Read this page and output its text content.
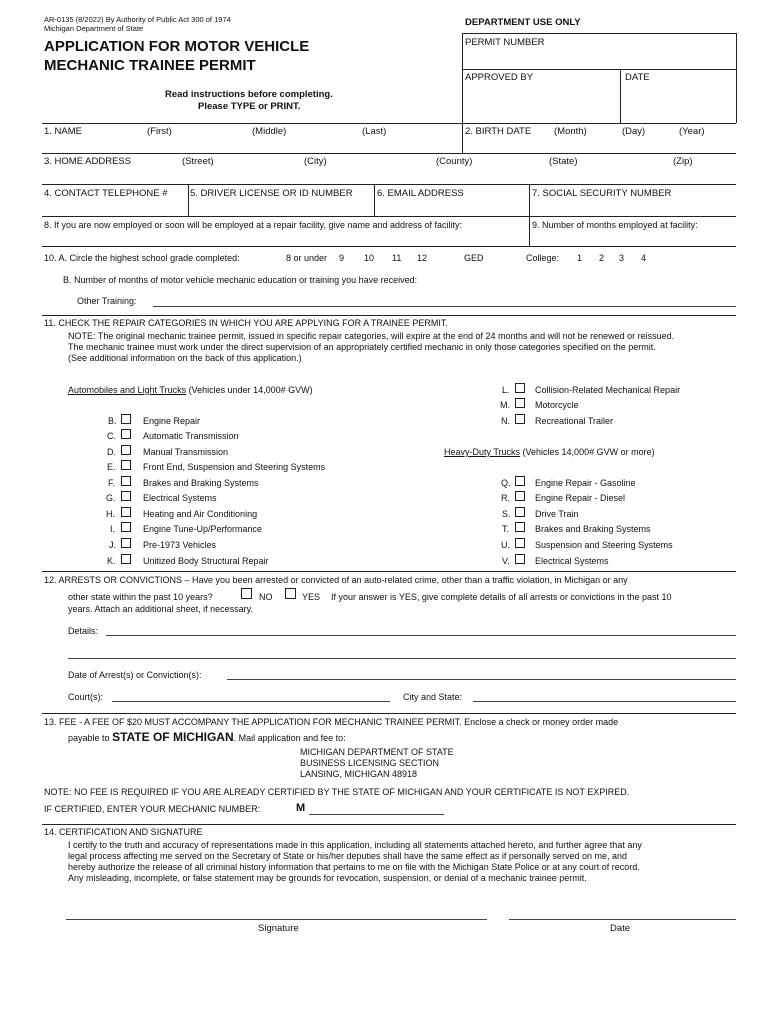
AR-0135 (8/2022) By Authority of Public Act 300 of 1974
Michigan Department of State
APPLICATION FOR MOTOR VEHICLE
MECHANIC TRAINEE PERMIT
Read instructions before completing.
Please TYPE or PRINT.
DEPARTMENT USE ONLY
PERMIT NUMBER
APPROVED BY	DATE
1. NAME	(First)	(Middle)	(Last)	2. BIRTH DATE (Month)	(Day)	(Year)
3. HOME ADDRESS	(Street)	(City)	(County)	(State)	(Zip)
4. CONTACT TELEPHONE # 5. DRIVER LICENSE OR ID NUMBER	6. EMAIL ADDRESS	7. SOCIAL SECURITY NUMBER
8. If you are now employed or soon will be employed at a repair facility, give name and address of facility:	9. Number of months employed at facility:
10. A. Circle the highest school grade completed:	8 or under 9 10 11 12	GED	College: 1 2 3 4
B. Number of months of motor vehicle mechanic education or training you have received:
Other Training:
11. CHECK THE REPAIR CATEGORIES IN WHICH YOU ARE APPLYING FOR A TRAINEE PERMIT.
NOTE: The original mechanic trainee permit, issued in specific repair categories, will expire at the end of 24 months and will not be renewed or reissued.
The mechanic trainee must work under the direct supervision of an appropriately certified mechanic in only those categories specified on the permit.
(See additional information on the back of this application.)
Automobiles and Light Trucks (Vehicles under 14,000# GVW)
Heavy-Duty Trucks (Vehicles 14,000# GVW or more)
B.	Engine Repair
C.	Automatic Transmission
D.	Manual Transmission
E.	Front End, Suspension and Steering Systems
F.	Brakes and Braking Systems
G.	Electrical Systems
H.	Heating and Air Conditioning
I.	Engine Tune-Up/Performance
J.	Pre-1973 Vehicles
K.	Unitized Body Structural Repair
L.	Collision-Related Mechanical Repair
M.	Motorcycle
N.	Recreational Trailer
Q.	Engine Repair - Gasoline
R.	Engine Repair - Diesel
S.	Drive Train
T.	Brakes and Braking Systems
U.	Suspension and Steering Systems
V.	Electrical Systems
12. ARRESTS OR CONVICTIONS – Have you been arrested or convicted of an auto-related crime, other than a traffic violation, in Michigan or any
other state within the past 10 years?	NO	YES If your answer is YES, give complete details of all arrests or convictions in the past 10
years. Attach an additional sheet, if necessary.
Details:
Date of Arrest(s) or Conviction(s):
Court(s):	City and State:
13. FEE - A FEE OF $20 MUST ACCOMPANY THE APPLICATION FOR MECHANIC TRAINEE PERMIT. Enclose a check or money order made
payable to STATE OF MICHIGAN. Mail application and fee to:
MICHIGAN DEPARTMENT OF STATE
BUSINESS LICENSING SECTION
LANSING, MICHIGAN 48918
NOTE: NO FEE IS REQUIRED IF YOU ARE ALREADY CERTIFIED BY THE STATE OF MICHIGAN AND YOUR CERTIFICATE IS NOT EXPIRED.
IF CERTIFIED, ENTER YOUR MECHANIC NUMBER:	M
14. CERTIFICATION AND SIGNATURE
I certify to the truth and accuracy of representations made in this application, including all statements attached hereto, and further agree that any
legal process affecting me served on the Secretary of State or his/her deputies shall have the same effect as if personally served on me, and
hereby authorize the release of all criminal history information that pertains to me on file with the Michigan State Police or at any court of record.
Any misleading, incomplete, or false statement may be grounds for revocation, suspension, or denial of a mechanic trainee permit.
Signature	Date
